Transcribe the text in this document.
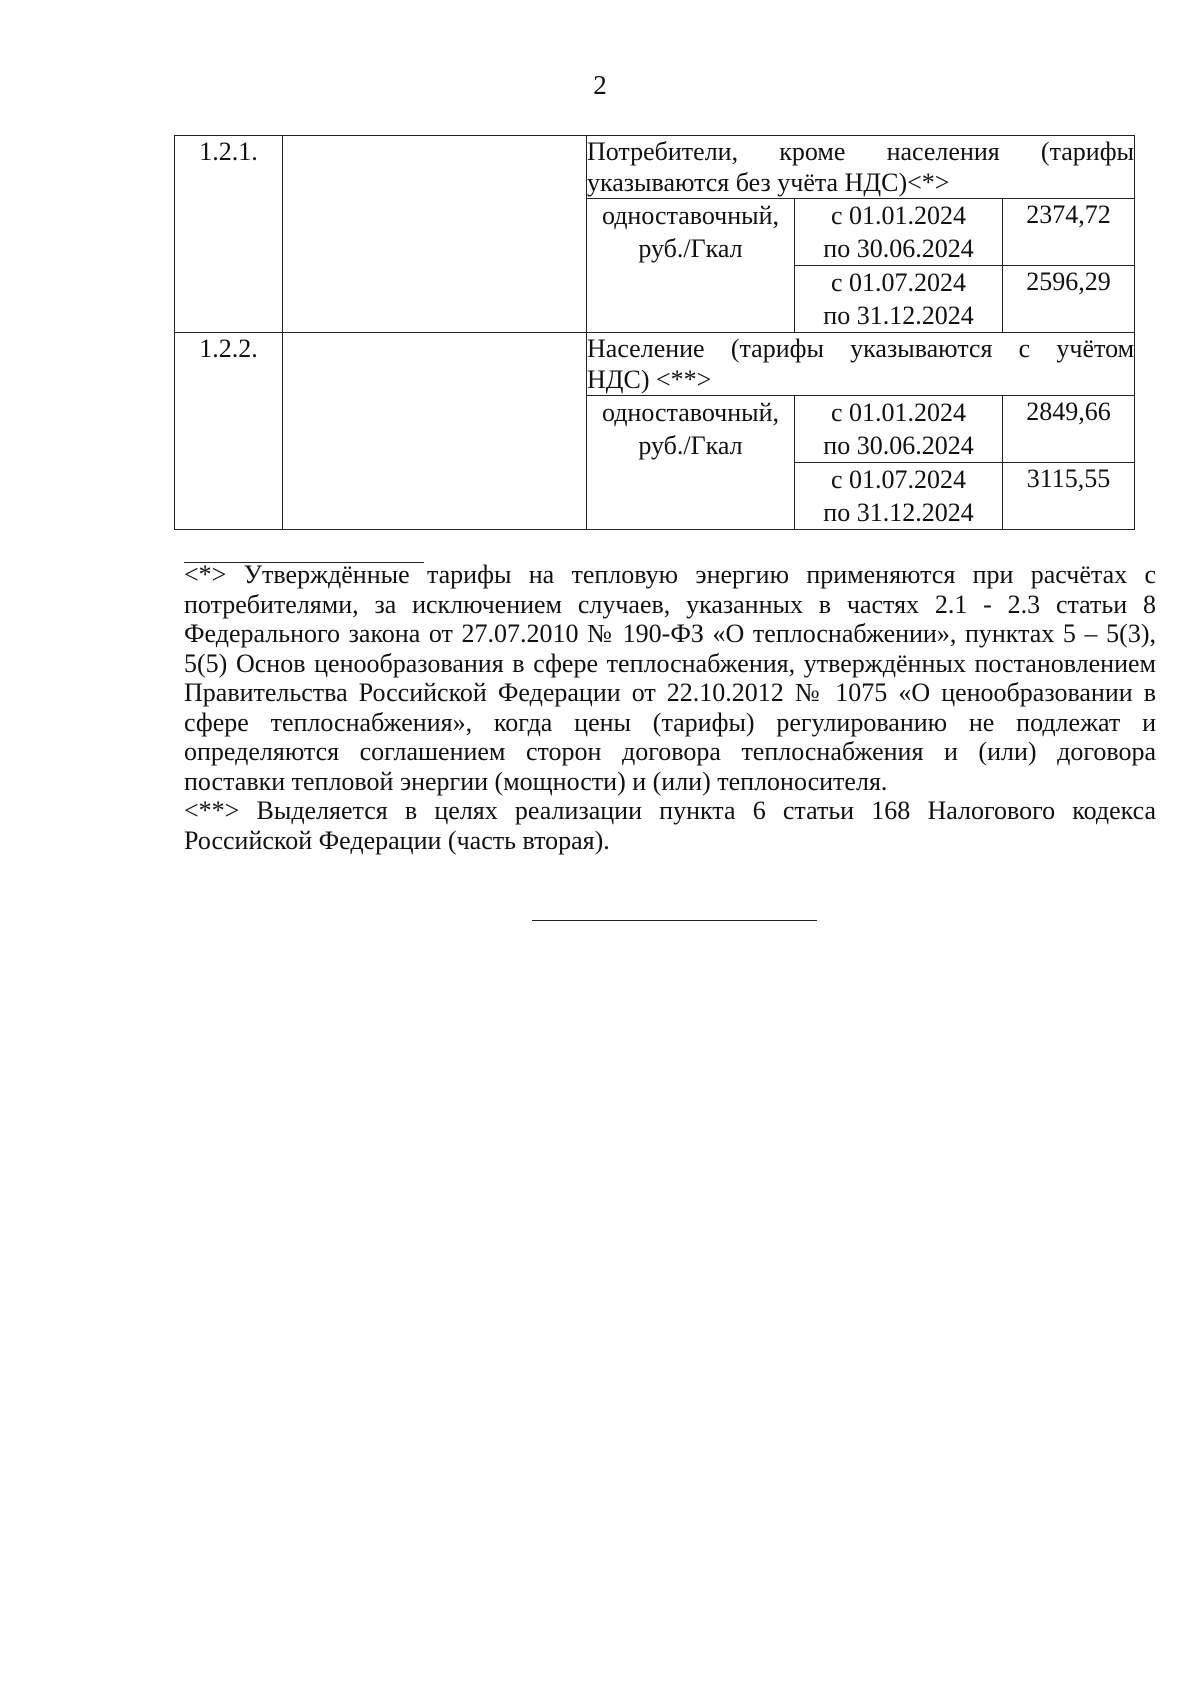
2
1.2.1.		Потребители, кроме населения (тарифы
указываются без учёта НДС)<*>		
		одноставочный, руб./Гкал	с 01.01.2024
по 30.06.2024	2374,72

			с 01.07.2024
по 31.12.2024	2596,29
1.2.2.		Население (тарифы указываются с учётом
НДС) <**>		
		одноставочный, руб./Гкал	с 01.01.2024
по 30.06.2024	2849,66

			с 01.07.2024
по 31.12.2024	3115,55

<*> Утверждённые тарифы на тепловую энергию применяются при расчётах с потребителями, за исключением случаев, указанных в частях 2.1 - 2.3 статьи 8 Федерального закона от 27.07.2010 № 190-ФЗ «О теплоснабжении», пунктах 5 – 5(3), 5(5) Основ ценообразования в сфере теплоснабжения, утверждённых постановлением Правительства Российской Федерации от 22.10.2012 № 1075 «О ценообразовании в сфере теплоснабжения», когда цены (тарифы) регулированию не подлежат и определяются соглашением сторон договора теплоснабжения и (или) договора поставки тепловой энергии (мощности) и (или) теплоносителя.

<**> Выделяется в целях реализации пункта 6 статьи 168 Налогового кодекса Российской Федерации (часть вторая).
